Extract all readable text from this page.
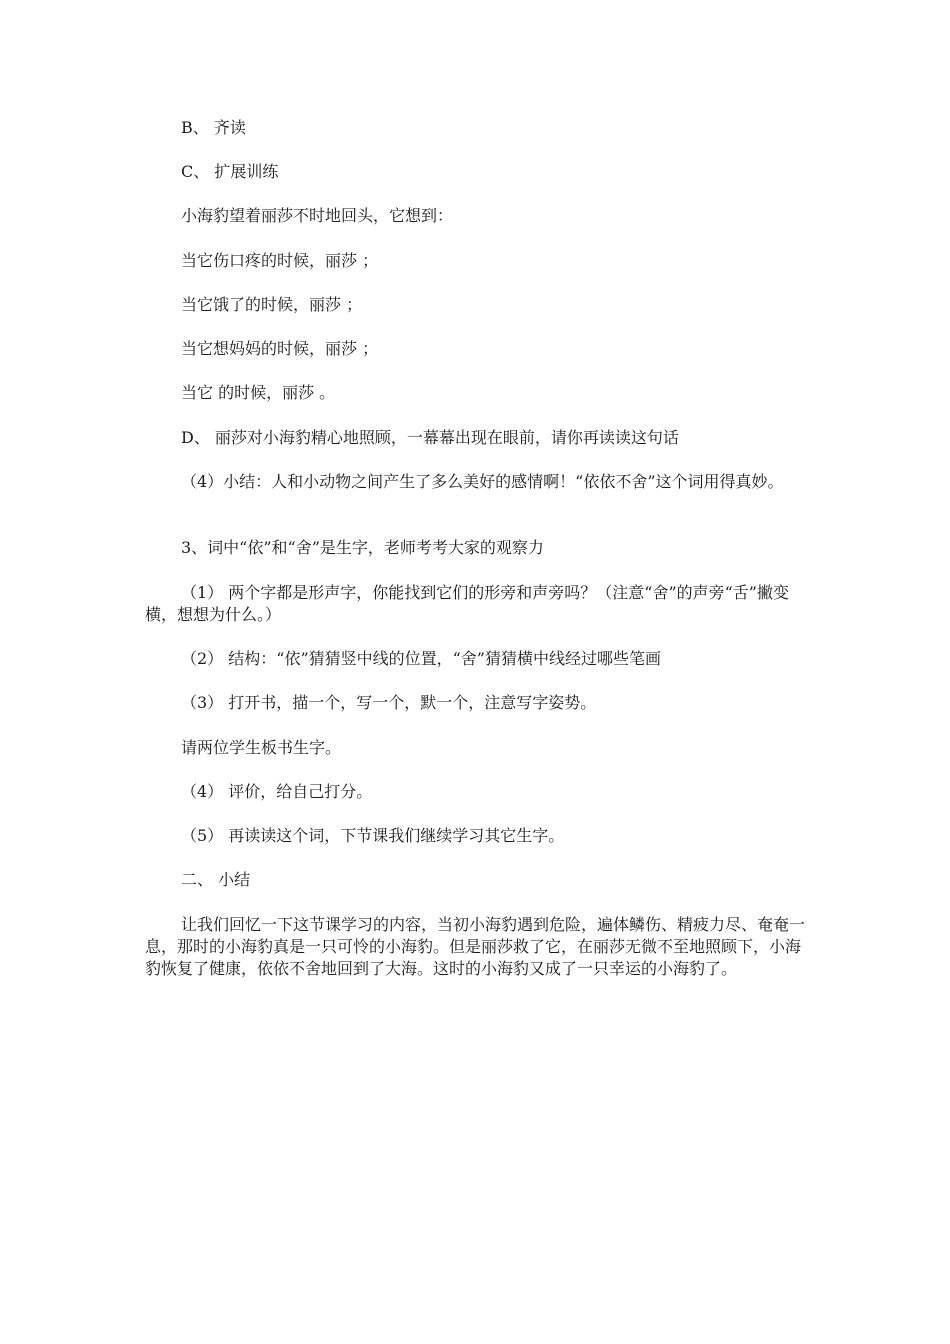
B、 齐读
C、 扩展训练
小海豹望着丽莎不时地回头，它想到：
当它伤口疼的时候，丽莎 ；
当它饿了的时候，丽莎 ；
当它想妈妈的时候，丽莎 ；
当它 的时候，丽莎 。
D、 丽莎对小海豹精心地照顾，一幕幕出现在眼前，请你再读读这句话
（4）小结：人和小动物之间产生了多么美好的感情啊！“依依不舍”这个词用得真妙。
3、词中“依”和“舍”是生字，老师考考大家的观察力
（1） 两个字都是形声字，你能找到它们的形旁和声旁吗？（注意“舍”的声旁“舌”撇变横，想想为什么。）
（2） 结构：“依”猜猜竖中线的位置，“舍”猜猜横中线经过哪些笔画
（3） 打开书，描一个，写一个，默一个，注意写字姿势。
请两位学生板书生字。
（4） 评价，给自己打分。
（5） 再读读这个词，下节课我们继续学习其它生字。
二、 小结
让我们回忆一下这节课学习的内容，当初小海豹遇到危险，遍体鳞伤、精疲力尽、奄奄一息，那时的小海豹真是一只可怜的小海豹。但是丽莎救了它，在丽莎无微不至地照顾下，小海豹恢复了健康，依依不舍地回到了大海。这时的小海豹又成了一只幸运的小海豹了。
